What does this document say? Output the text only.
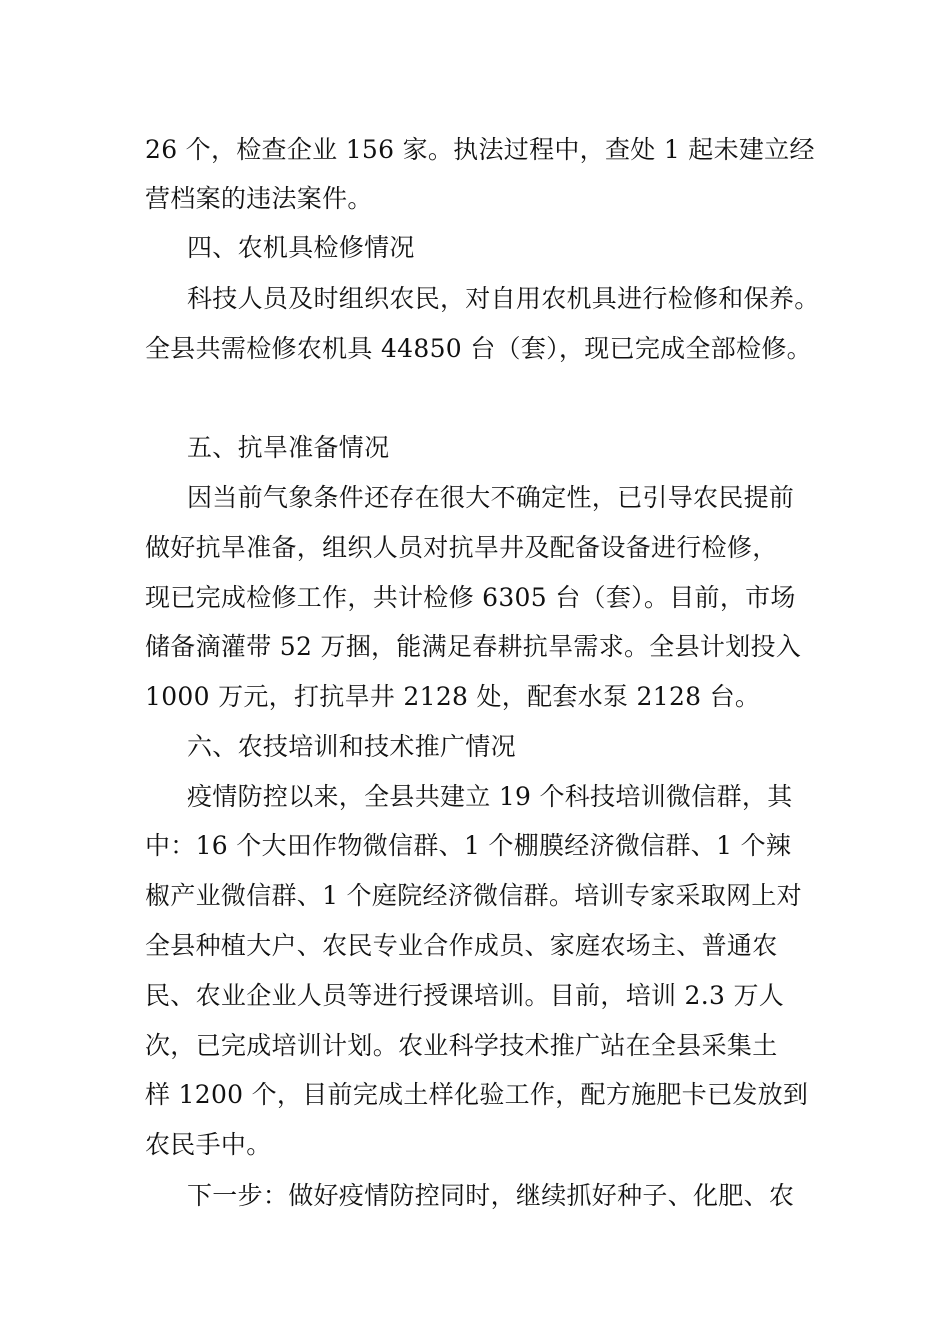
26 个，检查企业 156 家。执法过程中，查处 1 起未建立经
营档案的违法案件。
四、农机具检修情况
科技人员及时组织农民，对自用农机具进行检修和保养。
全县共需检修农机具 44850 台（套），现已完成全部检修。
五、抗旱准备情况
因当前气象条件还存在很大不确定性，已引导农民提前
做好抗旱准备，组织人员对抗旱井及配备设备进行检修，
现已完成检修工作，共计检修 6305 台（套）。目前，市场
储备滴灌带 52 万捆，能满足春耕抗旱需求。全县计划投入
1000 万元，打抗旱井 2128 处，配套水泵 2128 台。
六、农技培训和技术推广情况
疫情防控以来，全县共建立 19 个科技培训微信群，其
中：16 个大田作物微信群、1 个棚膜经济微信群、1 个辣
椒产业微信群、1 个庭院经济微信群。培训专家采取网上对
全县种植大户、农民专业合作成员、家庭农场主、普通农
民、农业企业人员等进行授课培训。目前，培训 2.3 万人
次，已完成培训计划。农业科学技术推广站在全县采集土
样 1200 个，目前完成土样化验工作，配方施肥卡已发放到
农民手中。
下一步：做好疫情防控同时，继续抓好种子、化肥、农
